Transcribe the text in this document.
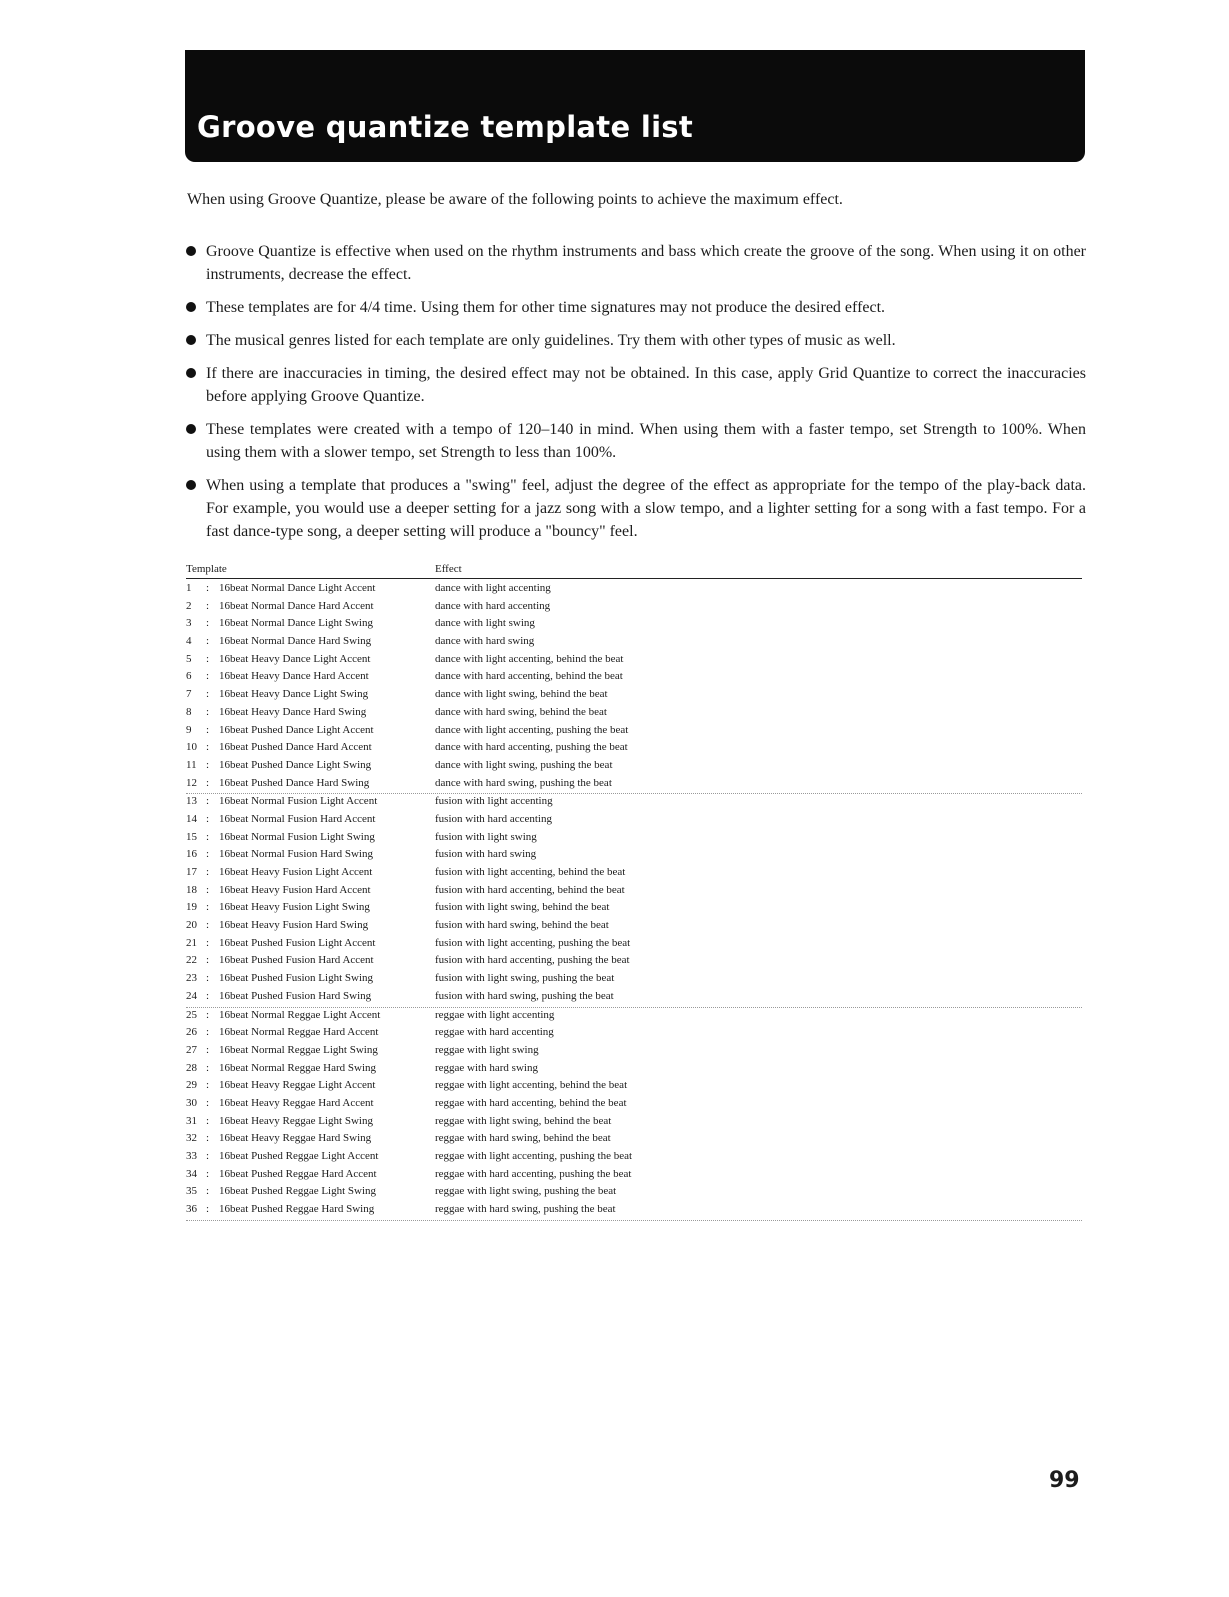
Groove quantize template list

When using Groove Quantize, please be aware of the following points to achieve the maximum effect.

Groove Quantize is effective when used on the rhythm instruments and bass which create the groove of the song. When using it on other instruments, decrease the effect.
These templates are for 4/4 time. Using them for other time signatures may not produce the desired effect.
The musical genres listed for each template are only guidelines. Try them with other types of music as well.
If there are inaccuracies in timing, the desired effect may not be obtained. In this case, apply Grid Quantize to correct the inaccuracies before applying Groove Quantize.
These templates were created with a tempo of 120–140 in mind. When using them with a faster tempo, set Strength to 100%. When using them with a slower tempo, set Strength to less than 100%.
When using a template that produces a "swing" feel, adjust the degree of the effect as appropriate for the tempo of the play-back data. For example, you would use a deeper setting for a jazz song with a slow tempo, and a lighter setting for a song with a fast tempo. For a fast dance-type song, a deeper setting will produce a "bouncy" feel.
Template	Effect
1	: 16beat Normal Dance Light Accent	dance with light accenting
2	: 16beat Normal Dance Hard Accent	dance with hard accenting
3	: 16beat Normal Dance Light Swing	dance with light swing
4	: 16beat Normal Dance Hard Swing	dance with hard swing
5	: 16beat Heavy Dance Light Accent	dance with light accenting, behind the beat
6	: 16beat Heavy Dance Hard Accent	dance with hard accenting, behind the beat
7	: 16beat Heavy Dance Light Swing	dance with light swing, behind the beat
8	: 16beat Heavy Dance Hard Swing	dance with hard swing, behind the beat
9	: 16beat Pushed Dance Light Accent	dance with light accenting, pushing the beat
10 : 16beat Pushed Dance Hard Accent	dance with hard accenting, pushing the beat
11 : 16beat Pushed Dance Light Swing	dance with light swing, pushing the beat
12 : 16beat Pushed Dance Hard Swing	dance with hard swing, pushing the beat
13 : 16beat Normal Fusion Light Accent	fusion with light accenting
14 : 16beat Normal Fusion Hard Accent	fusion with hard accenting
15 : 16beat Normal Fusion Light Swing	fusion with light swing
16 : 16beat Normal Fusion Hard Swing	fusion with hard swing
17 : 16beat Heavy Fusion Light Accent	fusion with light accenting, behind the beat
18 : 16beat Heavy Fusion Hard Accent	fusion with hard accenting, behind the beat
19 : 16beat Heavy Fusion Light Swing	fusion with light swing, behind the beat
20 : 16beat Heavy Fusion Hard Swing	fusion with hard swing, behind the beat
21 : 16beat Pushed Fusion Light Accent	fusion with light accenting, pushing the beat
22 : 16beat Pushed Fusion Hard Accent	fusion with hard accenting, pushing the beat
23 : 16beat Pushed Fusion Light Swing	fusion with light swing, pushing the beat
24 : 16beat Pushed Fusion Hard Swing	fusion with hard swing, pushing the beat
25 : 16beat Normal Reggae Light Accent	reggae with light accenting
26 : 16beat Normal Reggae Hard Accent	reggae with hard accenting
27 : 16beat Normal Reggae Light Swing	reggae with light swing
28 : 16beat Normal Reggae Hard Swing	reggae with hard swing
29 : 16beat Heavy Reggae Light Accent	reggae with light accenting, behind the beat
30 : 16beat Heavy Reggae Hard Accent	reggae with hard accenting, behind the beat
31 : 16beat Heavy Reggae Light Swing	reggae with light swing, behind the beat
32 : 16beat Heavy Reggae Hard Swing	reggae with hard swing, behind the beat
33 : 16beat Pushed Reggae Light Accent	reggae with light accenting, pushing the beat
34 : 16beat Pushed Reggae Hard Accent	reggae with hard accenting, pushing the beat
35 : 16beat Pushed Reggae Light Swing	reggae with light swing, pushing the beat
36 : 16beat Pushed Reggae Hard Swing	reggae with hard swing, pushing the beat
99
